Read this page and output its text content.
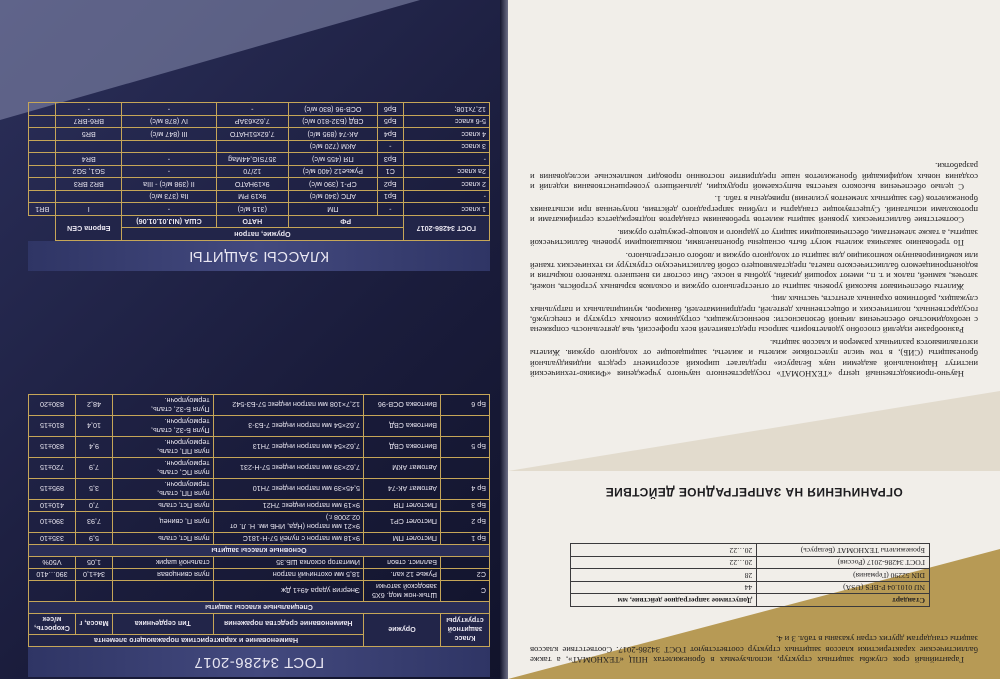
ГОСТ 34286-2017
Класс защитной структуры	Оружие	Наименование и характеристика поражающего элемента			
		Наименование средства поражения	Тип сердечника	Масса, г	Скорость, м/сек
Специальные классы защиты					
С	Штык-нож мод. 6Х5 заводской заточки	Энергия удара 49±1 Дж			
С2	Ружье 12 кал.	18,5 мм охотничий патрон	пуля свинцовая	34±1,0	390…410
	Баллист. ствол	Имитатор осколка ШБ.35	стальной шарик	1,05	V50%
Основные классы защиты					
Бр 1	Пистолет ПМ	9×18 мм патрон с пулей 57-Н-181С	пуля Пст, сталь	5,9	335±10
Бр 2	Пистолет СР1	9×21 мм патрон (Нда, ИНБ им. Н. Л. от 02.2008 г.)	пуля П, свинец	7,93	390±10
Бр 3	Пистолет ПЯ	9×19 мм патрон индекс 7Н21	пуля Пст, сталь	7,0	410±10
Бр 4	Автомат АК-74	5,45×39 мм патрон индекс 7Н10	пуля ПП, сталь, термоупрочн.	3,5	895±15
	Автомат АКМ	7,62×39 мм патрон индекс 57-Н-231	пуля ПС, сталь, термоупрочн.	7,9	720±15
Бр 5	Винтовка СВД	7,62×54 мм патрон индекс 7Н13	пуля ПП, сталь, термоупрочн.	9,4	830±15
	Винтовка СВД	7,62×54 мм патрон индекс 7-БЗ-3	Пуля Б-32, сталь, термоупрочн.	10,4	810±15
Бр 6	Винтовка ОСВ-96	12,7×108 мм патрон индекс 57-БЗ-542	Пуля Б-32, сталь, термоупрочн.	48,2	830±20
КЛАССЫ ЗАЩИТЫ
ГОСТ 34286-2017	Оружие, патрон				Европа CEN	
	РФ		НАТО	США (NIJ.01.01.06)		
1 класс	-	ПМ	(315 м/с)	-	I	BR1
-	Бр1	АПС (340 м/с)	9х19 РМ	IIa (373 м/с)		
2 класс	Бр2	СР-1 (390 м/с)	9х19НАТО	II (398 м/с) - IIIa	BR2 BR3	
2а класс	С1	Ружье12 (400 м/с)	12/70	-	SG1, SG2	
-	Бр3	ПЯ (455 м/с)	357SIG,44Mag	-	BR4	
3 класс	-	АКМ (720 м/с)				
4 класс	Бр4	АК-74 (895 м/с)	7,62х51НАТО	III (847 м/с)	BR5	
5-6 класс	Бр5	СВД (БЗ2-810 м/с)	7,62х63АР	IV (878 м/с)	BR6-BR7	
12,7х108;	Бр6	ОСВ-96 (830 м/с)	-	-	-	

Гарантийный срок службы защитных структур, используемых в бронежилетах НПЦ «ТЕХНОМАТ», а также баллистические характеристики классов защитных структур соответствуют ГОСТ 34286-2017. Соответствие классов защиты стандартам других стран указаны в табл. 3 и 4.

Стандарт	Допустимое запреградное действие, мм
NIJ 0101.04 P-BFS (USA)	44
DIN 52290 (Германия)	28
ГОСТ 34286-2017 (Россия)	20…22
Бронежилеты ТЕХНОМАТ (Беларусь)	20…22
ОГРАНИЧЕНИЯ НА ЗАПРЕГРАДНОЕ ДЕЙСТВИЕ

Научно-производственный центр «ТЕХНОМАТ» государственного научного учреждения «Физико-технический институт Национальной академии наук Беларуси» предлагает широкий ассортимент средств индивидуальной бронезащиты (СИБ), в том числе пулестойкие жилеты и жилеты, защищающие от холодного оружия. Жилеты изготавливаются различных размеров и классов защиты.

Разнообразие изделий способно удовлетворить запросы представителей всех профессий, чья деятельность сопряжена с необходимостью обеспечения личной безопасности: военнослужащих, сотрудников силовых структур и спецслужб, государственных, политических и общественных деятелей, предпринимателей, банкиров, муниципальных и патрульных служащих, работников охранных агентств, частных лиц.

Жилеты обеспечивают высокий уровень защиты от огнестрельного оружия и осколков взрывных устройств, ножей, заточек, камней, палок и т. п., имеют хороший дизайн, удобны в носке. Они состоят из внешнего тканевого покрытия и водонепроницаемого баллистического пакета, представляющего собой баллистическую структуру из технических тканей или комбинированную композицию для защиты от холодного оружия и любого огнестрельного.

По требованию заказчика жилеты могут быть оснащены бронепанелями, повышающими уровень баллистической защиты, а также элементами, обеспечивающими защиту от ударного и колюще-режущего оружия.

Соответствие баллистических уровней защиты жилетов требованиям стандартов подтверждается сертификатами и протоколами испытаний. Существующие стандарты и глубина запреградного действия, полученная при испытаниях бронежилетов (без защитных элементов усиления) приведены в табл. 1.

С целью обеспечения высокого качества выпускаемой продукции, дальнейшего усовершенствования изделий и создания новых модификаций бронежилетов наше предприятие постоянно проводит комплексные исследования и разработки.
